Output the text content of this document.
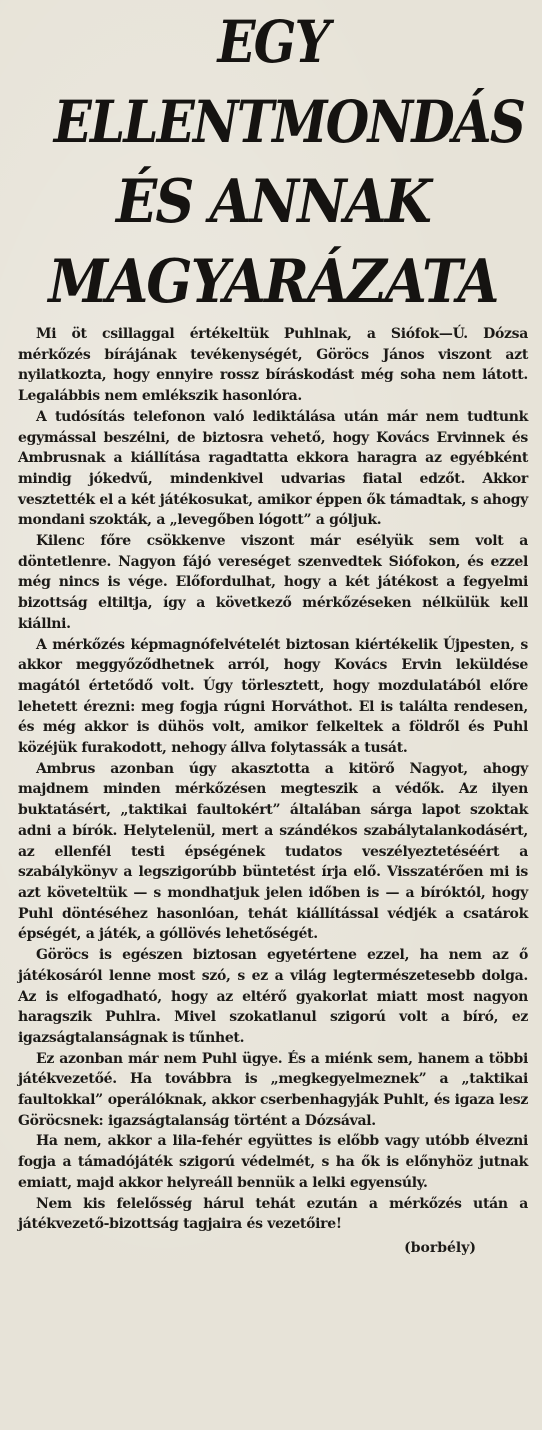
EGY ELLENTMONDÁS
ÉS ANNAK
MAGYARÁZATA

Mi öt csillaggal értékeltük Puhlnak, a Siófok—Ú. Dózsa mérkőzés bírájának tevékenységét, Göröcs János viszont azt nyilatkozta, hogy ennyire rossz bíráskodást még soha nem látott. Legalábbis nem emlékszik hasonlóra.

A tudósítás telefonon való lediktálása után már nem tudtunk egymással beszélni, de biztosra vehető, hogy Kovács Ervinnek és Ambrusnak a kiállítása ragadtatta ekkora haragra az egyébként mindig jókedvű, mindenkivel udvarias fiatal edzőt. Akkor vesztették el a két játékosukat, amikor éppen ők támadtak, s ahogy mondani szokták, a „levegőben lógott” a góljuk.

Kilenc főre csökkenve viszont már esélyük sem volt a döntetlenre. Nagyon fájó vereséget szenvedtek Siófokon, és ezzel még nincs is vége. Előfordulhat, hogy a két játékost a fegyelmi bizottság eltiltja, így a következő mérkőzéseken nélkülük kell kiállni.

A mérkőzés képmagnófelvételét biztosan kiértékelik Újpesten, s akkor meggyőződhetnek arról, hogy Kovács Ervin leküldése magától értetődő volt. Úgy törlesztett, hogy mozdulatából előre lehetett érezni: meg fogja rúgni Horváthot. El is találta rendesen, és még akkor is dühös volt, amikor felkeltek a földről és Puhl közéjük furakodott, nehogy állva folytassák a tusát.

Ambrus azonban úgy akasztotta a kitörő Nagyot, ahogy majdnem minden mérkőzésen megteszik a védők. Az ilyen buktatásért, „taktikai faultokért” általában sárga lapot szoktak adni a bírók. Helytelenül, mert a szándékos szabálytalankodásért, az ellenfél testi épségének tudatos veszélyeztetéséért a szabálykönyv a legszigorúbb büntetést írja elő. Visszatérően mi is azt követeltük — s mondhatjuk jelen időben is — a bíróktól, hogy Puhl döntéséhez hasonlóan, tehát kiállítással védjék a csatárok épségét, a játék, a góllövés lehetőségét.

Göröcs is egészen biztosan egyetértene ezzel, ha nem az ő játékosáról lenne most szó, s ez a világ legtermészetesebb dolga. Az is elfogadható, hogy az eltérő gyakorlat miatt most nagyon haragszik Puhlra. Mivel szokatlanul szigorú volt a bíró, ez igazságtalanságnak is tűnhet.

Ez azonban már nem Puhl ügye. És a miénk sem, hanem a többi játékvezetőé. Ha továbbra is „megkegyelmeznek” a „taktikai faultokkal” operálóknak, akkor cserbenhagyják Puhlt, és igaza lesz Göröcsnek: igazságtalanság történt a Dózsával.

Ha nem, akkor a lila-fehér együttes is előbb vagy utóbb élvezni fogja a támadójáték szigorú védelmét, s ha ők is előnyhöz jutnak emiatt, majd akkor helyreáll bennük a lelki egyensúly.

Nem kis felelősség hárul tehát ezután a mérkőzés után a játékvezető-bizottság tagjaira és vezetőire!

(borbély)
